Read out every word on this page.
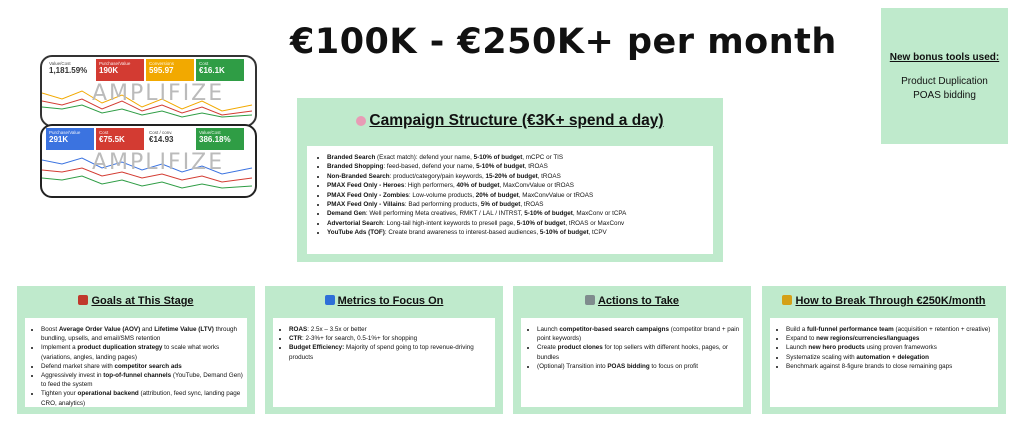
€100K - €250K+ per month
Value/Cost
1,181.59%
Purchase/Value
190K
Conversions
595.97
Cost
€16.1K
AMPLIFIZE
Purchase/Value
291K
Cost
€75.5K
Cost / conv.
€14.93
Value/Cost
386.18%
AMPLIFIZE
New bonus tools used:
Product Duplication
POAS bidding
Campaign Structure (€3K+ spend a day)
• Branded Search (Exact match): defend your name, 5-10% of budget, mCPC or TIS
• Branded Shopping: feed-based, defend your name, 5-10% of budget, tROAS
• Non-Branded Search: product/category/pain keywords, 15-20% of budget, tROAS
• PMAX Feed Only - Heroes: High performers, 40% of budget, MaxConvValue or tROAS
• PMAX Feed Only - Zombies: Low-volume products, 20% of budget, MaxConvValue or tROAS
• PMAX Feed Only - Villains: Bad performing products, 5% of budget, tROAS
• Demand Gen: Well performing Meta creatives, RMKT / LAL / INTRST, 5-10% of budget, MaxConv or tCPA
• Advertorial Search: Long-tail high-intent keywords to presell page, 5-10% of budget, tROAS or MaxConv
• YouTube Ads (TOF): Create brand awareness to interest-based audiences, 5-10% of budget, tCPV
Goals at This Stage
• Boost Average Order Value (AOV) and Lifetime Value (LTV) through bundling, upsells, and email/SMS retention
• Implement a product duplication strategy to scale what works (variations, angles, landing pages)
• Defend market share with competitor search ads
• Aggressively invest in top-of-funnel channels (YouTube, Demand Gen) to feed the system
• Tighten your operational backend (attribution, feed sync, landing page CRO, analytics)
Metrics to Focus On
• ROAS: 2.5x – 3.5x or better
• CTR: 2-3%+ for search, 0.5-1%+ for shopping
• Budget Efficiency: Majority of spend going to top revenue-driving products
Actions to Take
• Launch competitor-based search campaigns (competitor brand + pain point keywords)
• Create product clones for top sellers with different hooks, pages, or bundles
• (Optional) Transition into POAS bidding to focus on profit
How to Break Through €250K/month
• Build a full-funnel performance team (acquisition + retention + creative)
• Expand to new regions/currencies/languages
• Launch new hero products using proven frameworks
• Systematize scaling with automation + delegation
• Benchmark against 8-figure brands to close remaining gaps
